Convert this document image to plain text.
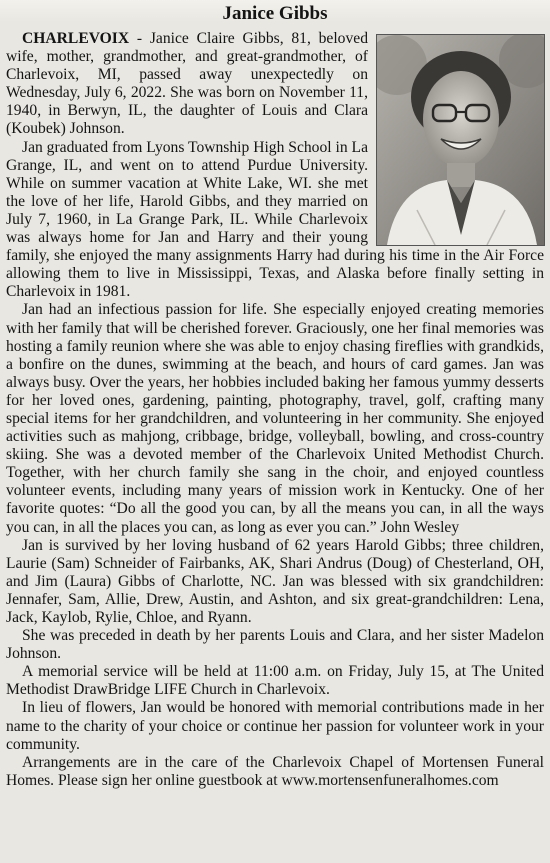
Janice Gibbs

CHARLEVOIX - Janice Claire Gibbs, 81, beloved wife, mother, grandmother, and great-grandmother, of Charlevoix, MI, passed away unexpectedly on Wednesday, July 6, 2022. She was born on November 11, 1940, in Berwyn, IL, the daughter of Louis and Clara (Koubek) Johnson.

Jan graduated from Lyons Township High School in La Grange, IL, and went on to attend Purdue University. While on summer vacation at White Lake, WI. she met the love of her life, Harold Gibbs, and they married on July 7, 1960, in La Grange Park, IL. While Charlevoix was always home for Jan and Harry and their young family, she enjoyed the many assignments Harry had during his time in the Air Force allowing them to live in Mississippi, Texas, and Alaska before finally setting in Charlevoix in 1981.

Jan had an infectious passion for life. She especially enjoyed creating memories with her family that will be cherished forever. Graciously, one her final memories was hosting a family reunion where she was able to enjoy chasing fireflies with grandkids, a bonfire on the dunes, swimming at the beach, and hours of card games. Jan was always busy. Over the years, her hobbies included baking her famous yummy desserts for her loved ones, gardening, painting, photography, travel, golf, crafting many special items for her grandchildren, and volunteering in her community. She enjoyed activities such as mahjong, cribbage, bridge, volleyball, bowling, and cross-country skiing. She was a devoted member of the Charlevoix United Methodist Church. Together, with her church family she sang in the choir, and enjoyed countless volunteer events, including many years of mission work in Kentucky. One of her favorite quotes: “Do all the good you can, by all the means you can, in all the ways you can, in all the places you can, as long as ever you can.” John Wesley

Jan is survived by her loving husband of 62 years Harold Gibbs; three children, Laurie (Sam) Schneider of Fairbanks, AK, Shari Andrus (Doug) of Chesterland, OH, and Jim (Laura) Gibbs of Charlotte, NC. Jan was blessed with six grandchildren: Jennafer, Sam, Allie, Drew, Austin, and Ashton, and six great-grandchildren: Lena, Jack, Kaylob, Rylie, Chloe, and Ryann.

She was preceded in death by her parents Louis and Clara, and her sister Madelon Johnson.

A memorial service will be held at 11:00 a.m. on Friday, July 15, at The United Methodist DrawBridge LIFE Church in Charlevoix.

In lieu of flowers, Jan would be honored with memorial contributions made in her name to the charity of your choice or continue her passion for volunteer work in your community.

Arrangements are in the care of the Charlevoix Chapel of Mortensen Funeral Homes. Please sign her online guestbook at www.mortensenfuneralhomes.com
